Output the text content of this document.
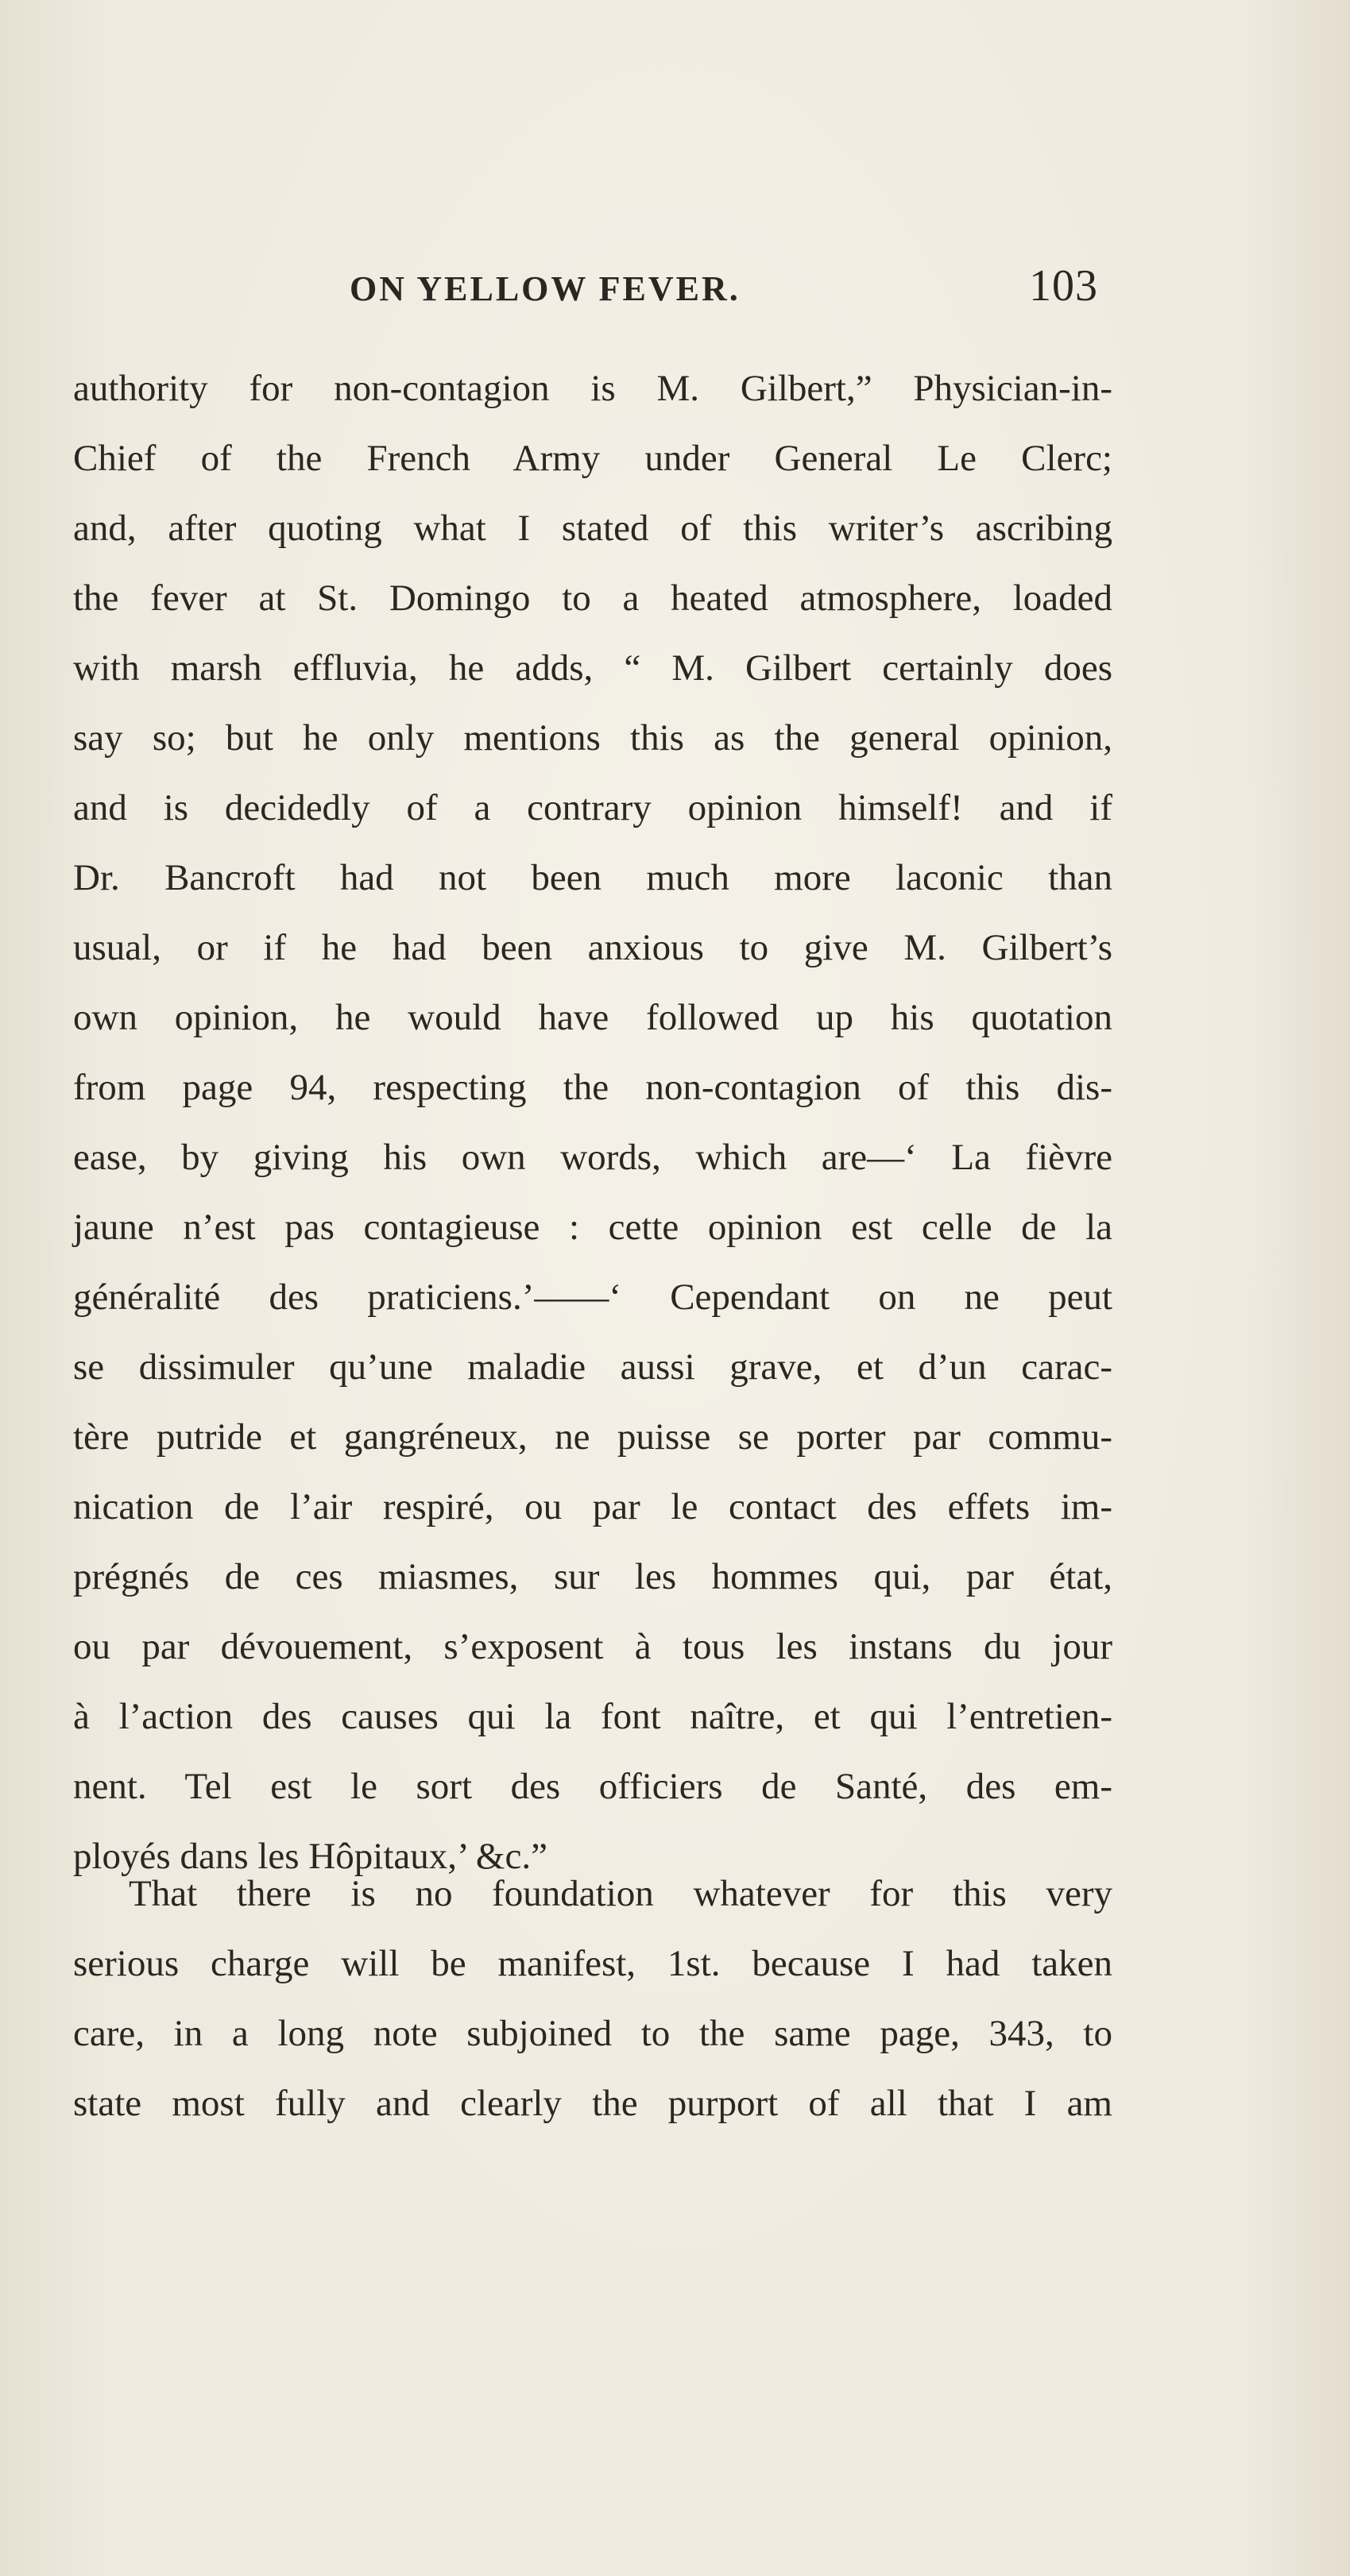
ON YELLOW FEVER.	103
authority for non-contagion is M. Gilbert,” Physician-in-
Chief of the French Army under General Le Clerc;
and, after quoting what I stated of this writer’s ascribing
the fever at St. Domingo to a heated atmosphere, loaded
with marsh effluvia, he adds, “ M. Gilbert certainly does
say so; but he only mentions this as the general opinion,
and is decidedly of a contrary opinion himself! and if
Dr. Bancroft had not been much more laconic than
usual, or if he had been anxious to give M. Gilbert’s
own opinion, he would have followed up his quotation
from page 94, respecting the non-contagion of this dis-
ease, by giving his own words, which are—‘ La fièvre
jaune n’est pas contagieuse : cette opinion est celle de la
généralité des praticiens.’——‘ Cependant on ne peut
se dissimuler qu’une maladie aussi grave, et d’un carac-
tère putride et gangréneux, ne puisse se porter par commu-
nication de l’air respiré, ou par le contact des effets im-
prégnés de ces miasmes, sur les hommes qui, par état,
ou par dévouement, s’exposent à tous les instans du jour
à l’action des causes qui la font naître, et qui l’entretien-
nent. Tel est le sort des officiers de Santé, des em-
ployés dans les Hôpitaux,’ &c.”
That there is no foundation whatever for this very
serious charge will be manifest, 1st. because I had taken
care, in a long note subjoined to the same page, 343, to
state most fully and clearly the purport of all that I am
